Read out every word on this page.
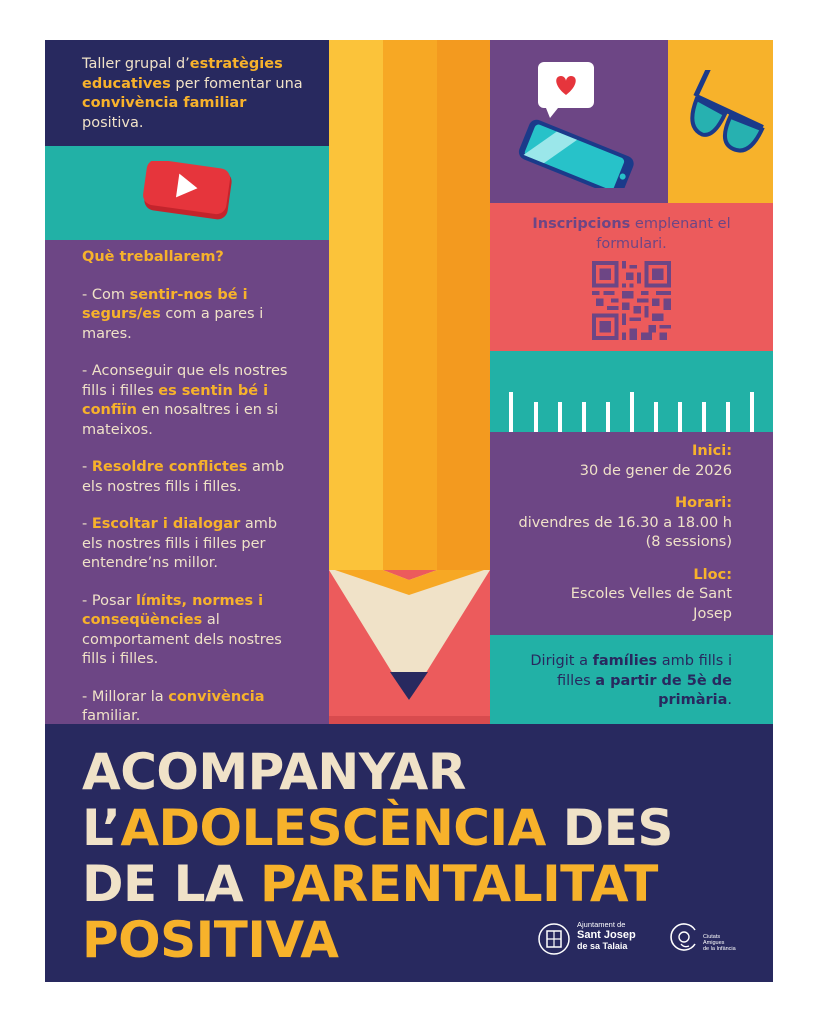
Taller grupal d’estratègies educatives per fomentar una convivència familiar positiva.

Què treballarem?

- Com sentir-nos bé i segurs/es com a pares i mares.

- Aconseguir que els nostres fills i filles es sentin bé i confiïn en nosaltres i en si mateixos.

- Resoldre conflictes amb els nostres fills i filles.

- Escoltar i dialogar amb els nostres fills i filles per entendre’ns millor.

- Posar límits, normes i conseqüències al comportament dels nostres fills i filles.

- Millorar la convivència familiar.

Inscripcions emplenant el formulari.

Inici:

30 de gener de 2026

Horari:

divendres de 16.30 a 18.00 h

(8 sessions)

Lloc:

Escoles Velles de Sant Josep

Dirigit a famílies amb fills i filles a partir de 5è de primària.

ACOMPANYAR
L’ADOLESCÈNCIA DES
DE LA PARENTALITAT
POSITIVA	Ajuntament de
Sant Josep
de sa Talaia
Ciutats
Amigues
de la Infància
